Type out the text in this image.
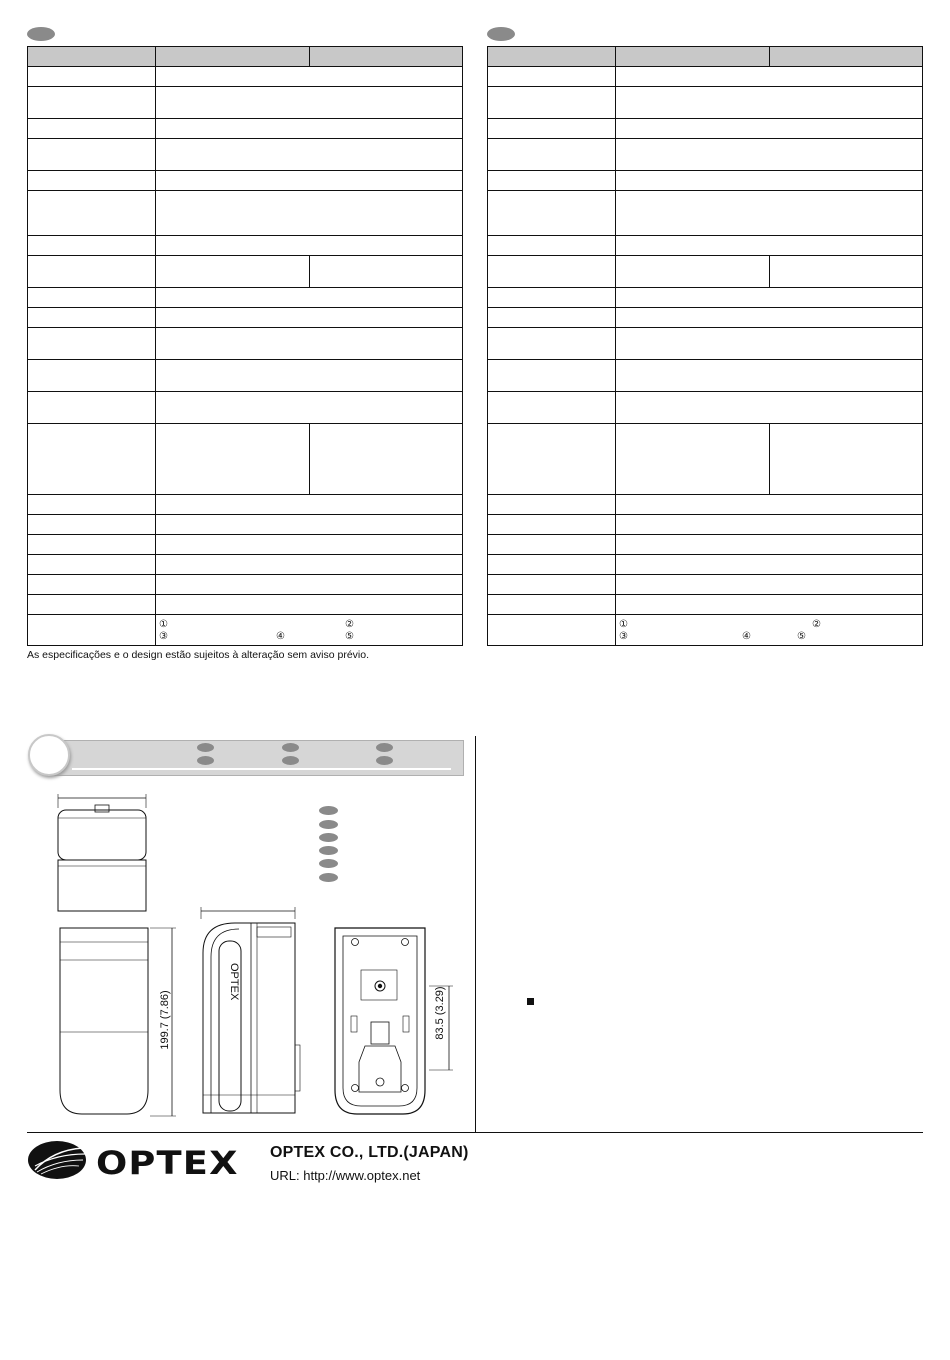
	① ②
③ ④ ⑤	

	① ②
③ ④ ⑤	
As especificações e o design estão sujeitos à alteração sem aviso prévio.
199.7 (7.86)
OPTEX
83.5 (3.29)
OPTEX OPTEX CO., LTD.(JAPAN)
URL: http://www.optex.net
